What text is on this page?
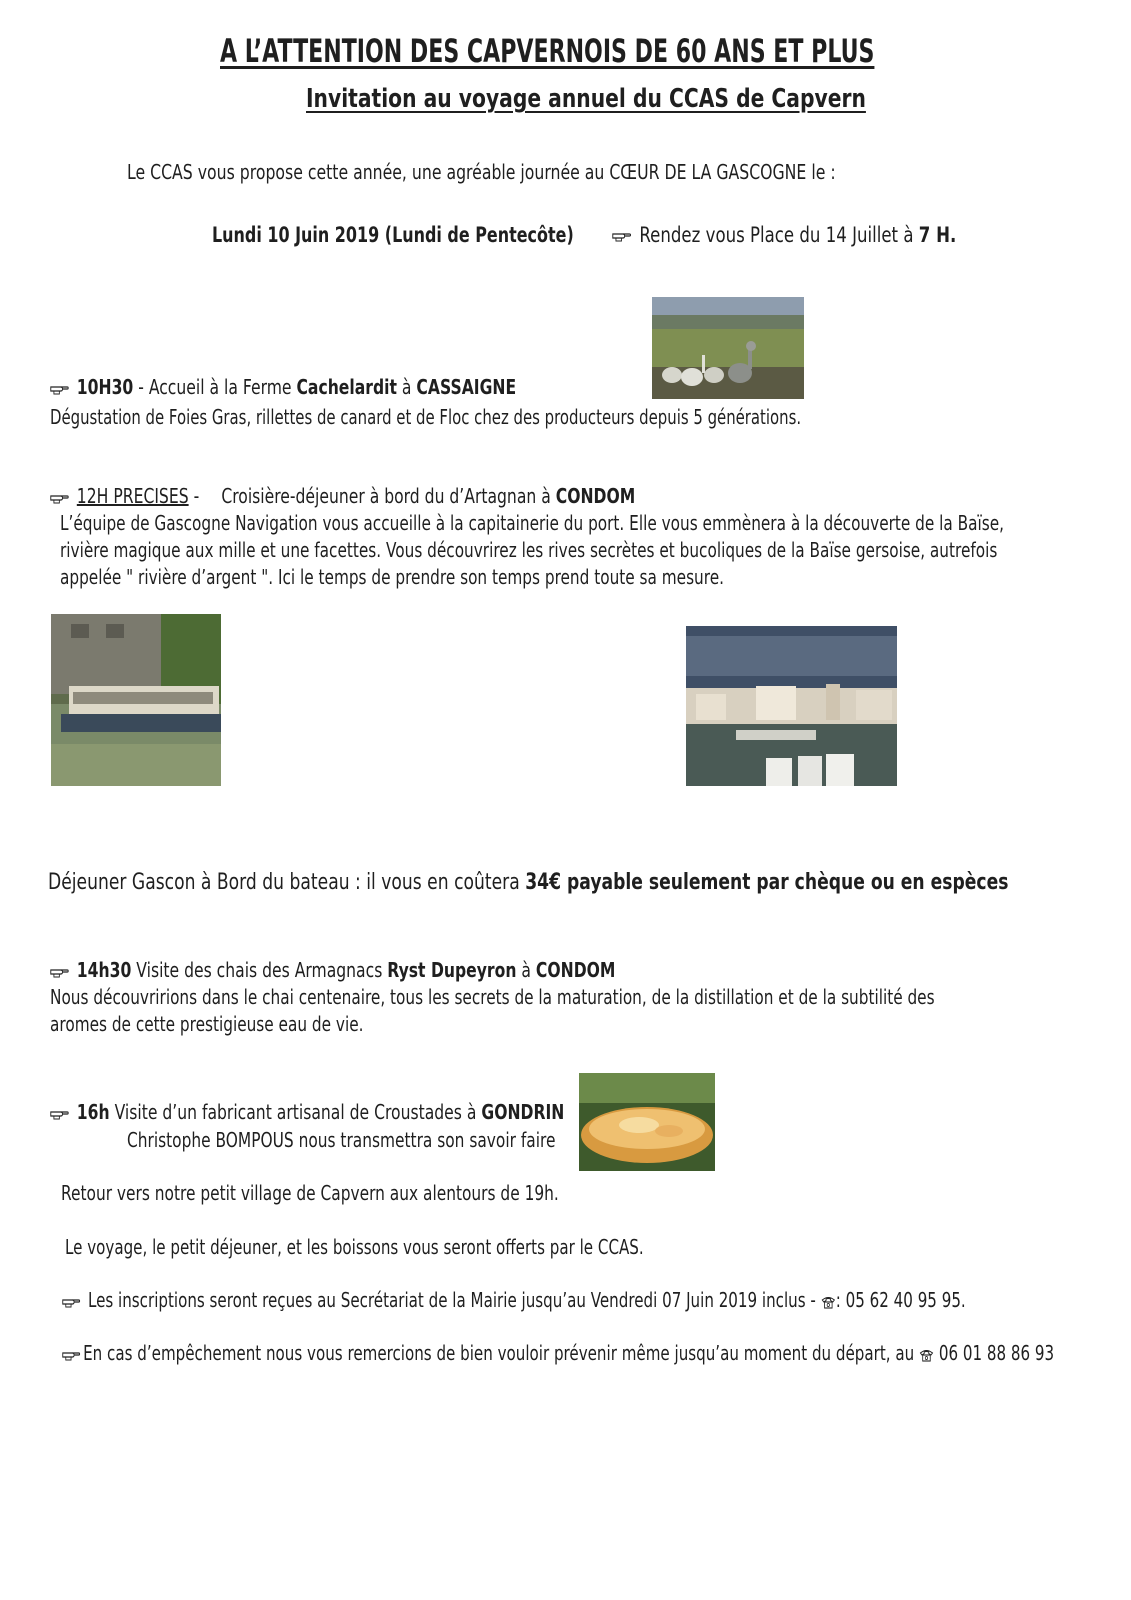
A L’ATTENTION DES CAPVERNOIS DE 60 ANS ET PLUS
Invitation au voyage annuel du CCAS de Capvern
Le CCAS vous propose cette année, une agréable journée au CŒUR DE LA GASCOGNE le :
Lundi 10 Juin 2019 (Lundi de Pentecôte)	Rendez vous Place du 14 Juillet à 7 H.
10H30 - Accueil à la Ferme Cachelardit à CASSAIGNE
Dégustation de Foies Gras, rillettes de canard et de Floc chez des producteurs depuis 5 générations.
12H PRECISES - Croisière-déjeuner à bord du d’Artagnan à CONDOM
L’équipe de Gascogne Navigation vous accueille à la capitainerie du port. Elle vous emmènera à la découverte de la Baïse, rivière magique aux mille et une facettes. Vous découvrirez les rives secrètes et bucoliques de la Baïse gersoise, autrefois appelée " rivière d’argent ". Ici le temps de prendre son temps prend toute sa mesure.
Déjeuner Gascon à Bord du bateau : il vous en coûtera 34€ payable seulement par chèque ou en espèces
14h30 Visite des chais des Armagnacs Ryst Dupeyron à CONDOM
Nous découvririons dans le chai centenaire, tous les secrets de la maturation, de la distillation et de la subtilité des aromes de cette prestigieuse eau de vie.
16h Visite d’un fabricant artisanal de Croustades à GONDRIN
Christophe BOMPOUS nous transmettra son savoir faire
Retour vers notre petit village de Capvern aux alentours de 19h.
Le voyage, le petit déjeuner, et les boissons vous seront offerts par le CCAS.
Les inscriptions seront reçues au Secrétariat de la Mairie jusqu’au Vendredi 07 Juin 2019 inclus - : 05 62 40 95 95.
En cas d’empêchement nous vous remercions de bien vouloir prévenir même jusqu’au moment du départ, au 06 01 88 86 93
